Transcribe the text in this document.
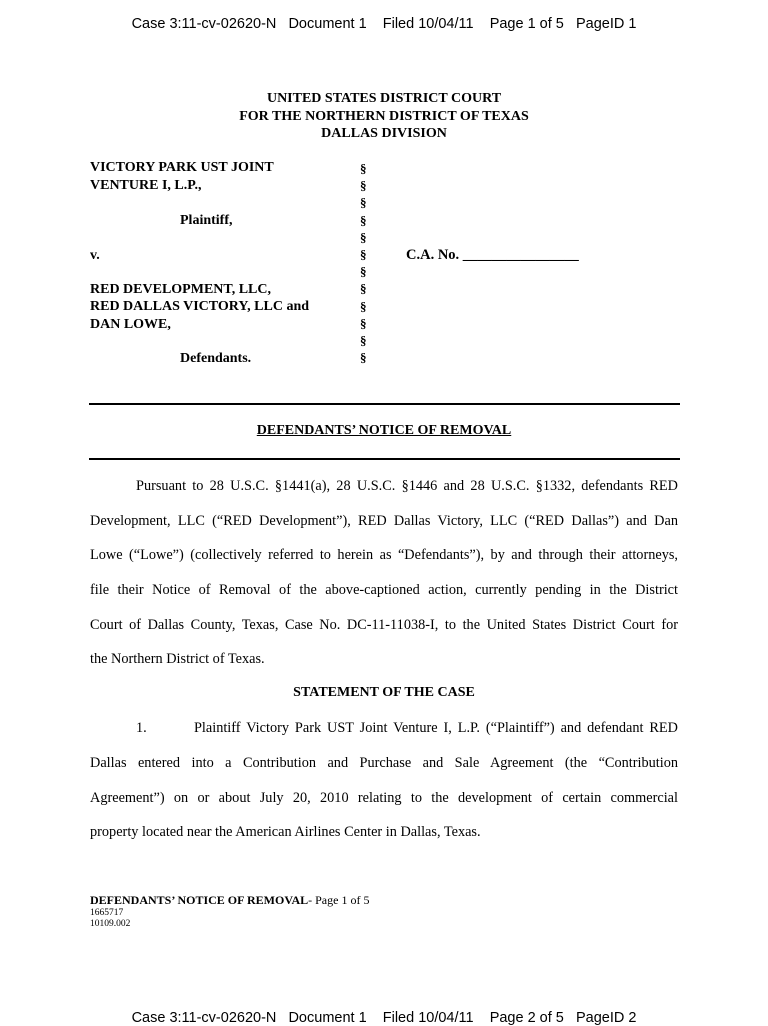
Case 3:11-cv-02620-N   Document 1    Filed 10/04/11    Page 1 of 5   PageID 1
UNITED STATES DISTRICT COURT
FOR THE NORTHERN DISTRICT OF TEXAS
DALLAS DIVISION
VICTORY PARK UST JOINT
VENTURE I, L.P.,
Plaintiff,
v.
RED DEVELOPMENT, LLC,
RED DALLAS VICTORY, LLC and
DAN LOWE,
Defendants.
§
§
§
§
§
§
§
§
§
§
§
§
C.A. No. ________________
DEFENDANTS’ NOTICE OF REMOVAL
Pursuant to 28 U.S.C. §1441(a), 28 U.S.C. §1446 and 28 U.S.C. §1332, defendants RED
Development, LLC (“RED Development”), RED Dallas Victory, LLC (“RED Dallas”) and Dan
Lowe (“Lowe”) (collectively referred to herein as “Defendants”), by and through their attorneys,
file their Notice of Removal of the above-captioned action, currently pending in the District
Court of Dallas County, Texas, Case No. DC-11-11038-I, to the United States District Court for
the Northern District of Texas.
STATEMENT OF THE CASE
1.        Plaintiff Victory Park UST Joint Venture I, L.P. (“Plaintiff”) and defendant RED
Dallas entered into a Contribution and Purchase and Sale Agreement (the “Contribution
Agreement”) on or about July 20, 2010 relating to the development of certain commercial
property located near the American Airlines Center in Dallas, Texas.
DEFENDANTS’ NOTICE OF REMOVAL- Page 1 of 5
1665717
10109.002
Case 3:11-cv-02620-N   Document 1    Filed 10/04/11    Page 2 of 5   PageID 2
